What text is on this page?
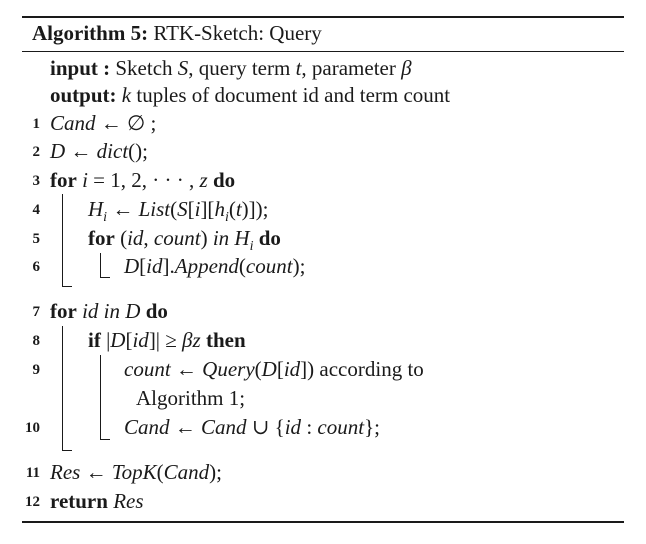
Algorithm 5: RTK-Sketch: Query
input : Sketch S, query term t, parameter β
output: k tuples of document id and term count
1
2
3
4
5
6
7
8
9
10
11
12
Cand ← ∅ ;
D ← dict();
for i = 1, 2, · · · , z do
$H_i$ ← $List(S[i][h_i(t)])$;
for (id, count) in $H_i$ do
D[id].Append(count);
for id in D do
if |D[id]| ≥ βz then
count ← Query(D[id]) according to
Algorithm 1;
Cand ← Cand ∪ {id : count};
Res ← TopK(Cand);
return Res
